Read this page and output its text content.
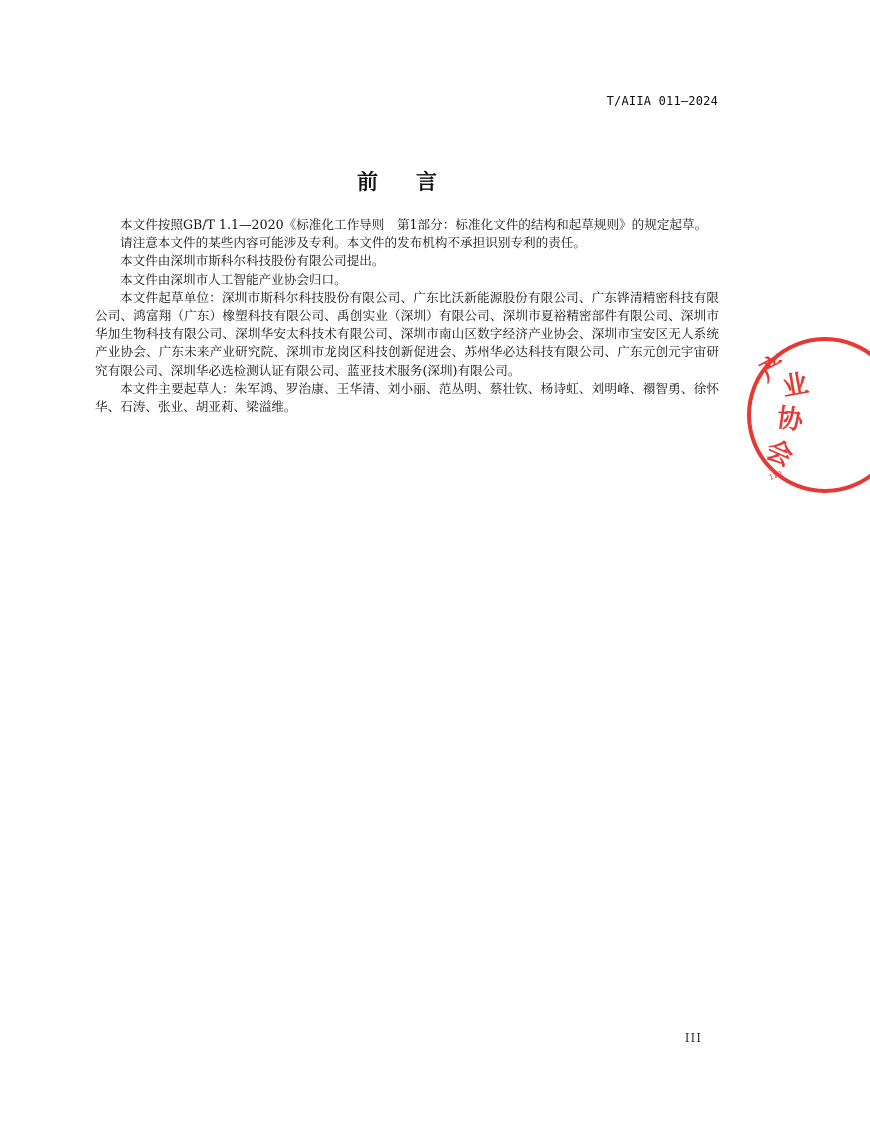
T/AIIA 011—2024
前言

本文件按照GB/T 1.1—2020《标准化工作导则　第1部分：标准化文件的结构和起草规则》的规定起草。

请注意本文件的某些内容可能涉及专利。本文件的发布机构不承担识别专利的责任。

本文件由深圳市斯科尔科技股份有限公司提出。

本文件由深圳市人工智能产业协会归口。

本文件起草单位：深圳市斯科尔科技股份有限公司、广东比沃新能源股份有限公司、广东铧清精密科技有限公司、鸿富翔（广东）橡塑科技有限公司、禹创实业（深圳）有限公司、深圳市夏裕精密部件有限公司、深圳市华加生物科技有限公司、深圳华安太科技术有限公司、深圳市南山区数字经济产业协会、深圳市宝安区无人系统产业协会、广东未来产业研究院、深圳市龙岗区科技创新促进会、苏州华必达科技有限公司、广东元创元宇宙研究有限公司、深圳华必选检测认证有限公司、蓝亚技术服务(深圳)有限公司。

本文件主要起草人：朱军鸿、罗治康、王华清、刘小丽、范丛明、蔡壮钦、杨诗虹、刘明峰、禤智勇、徐怀华、石涛、张业、胡亚莉、梁溢维。

产
业
协
会
110
III
